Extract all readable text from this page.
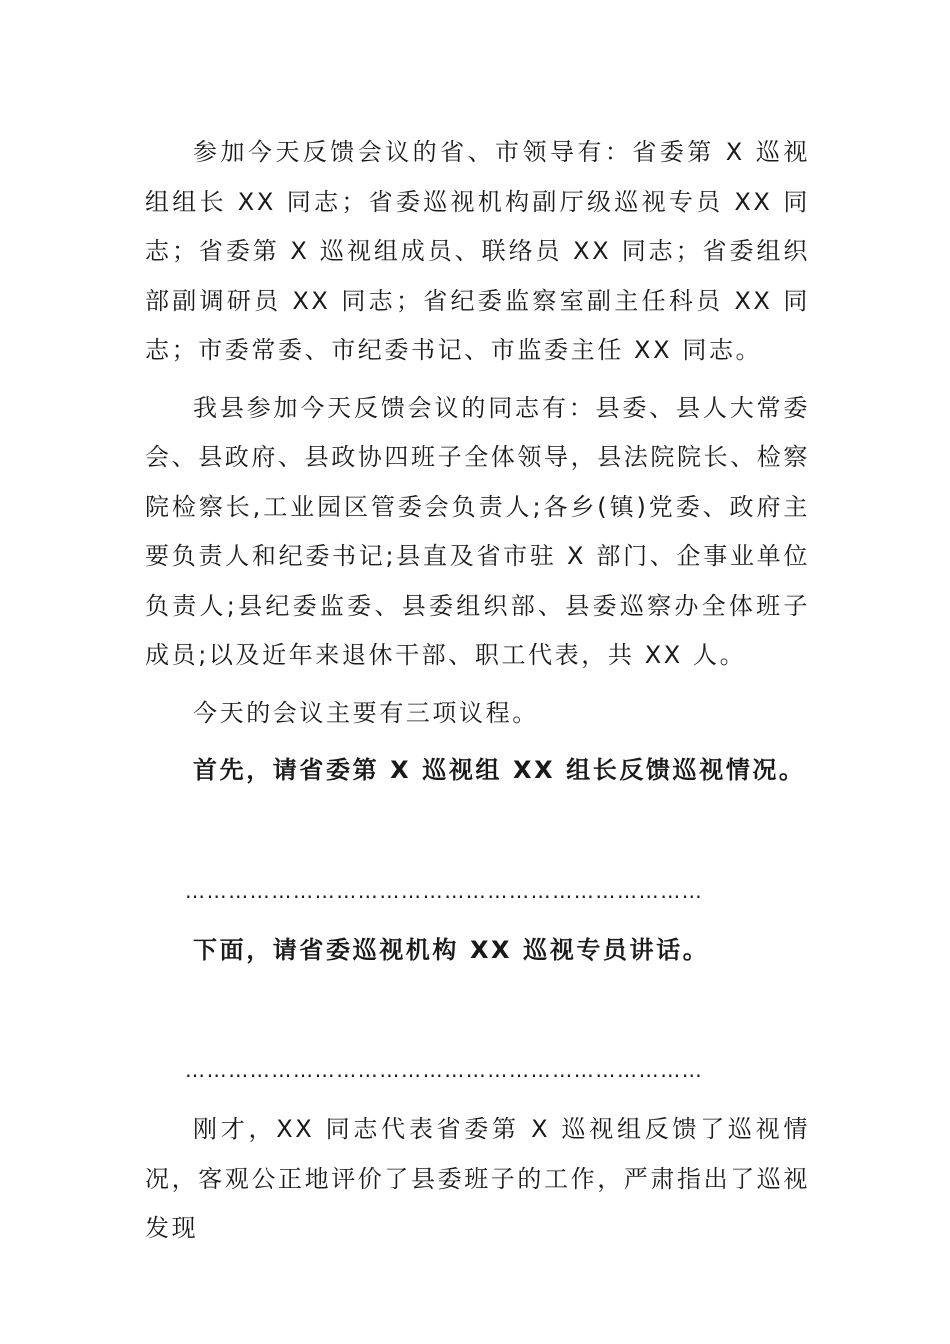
参加今天反馈会议的省、市领导有：省委第 X 巡视组组长 XX 同志；省委巡视机构副厅级巡视专员 XX 同志；省委第 X 巡视组成员、联络员 XX 同志；省委组织部副调研员 XX 同志；省纪委监察室副主任科员 XX 同志；市委常委、市纪委书记、市监委主任 XX 同志。

我县参加今天反馈会议的同志有：县委、县人大常委会、县政府、县政协四班子全体领导，县法院院长、检察院检察长,工业园区管委会负责人;各乡(镇)党委、政府主要负责人和纪委书记;县直及省市驻 X 部门、企事业单位负责人;县纪委监委、县委组织部、县委巡察办全体班子成员;以及近年来退休干部、职工代表，共 XX 人。

今天的会议主要有三项议程。

首先，请省委第 X 巡视组 XX 组长反馈巡视情况。

………………………………………………………………

下面，请省委巡视机构 XX 巡视专员讲话。

………………………………………………………………

刚才，XX 同志代表省委第 X 巡视组反馈了巡视情况，客观公正地评价了县委班子的工作，严肃指出了巡视发现
